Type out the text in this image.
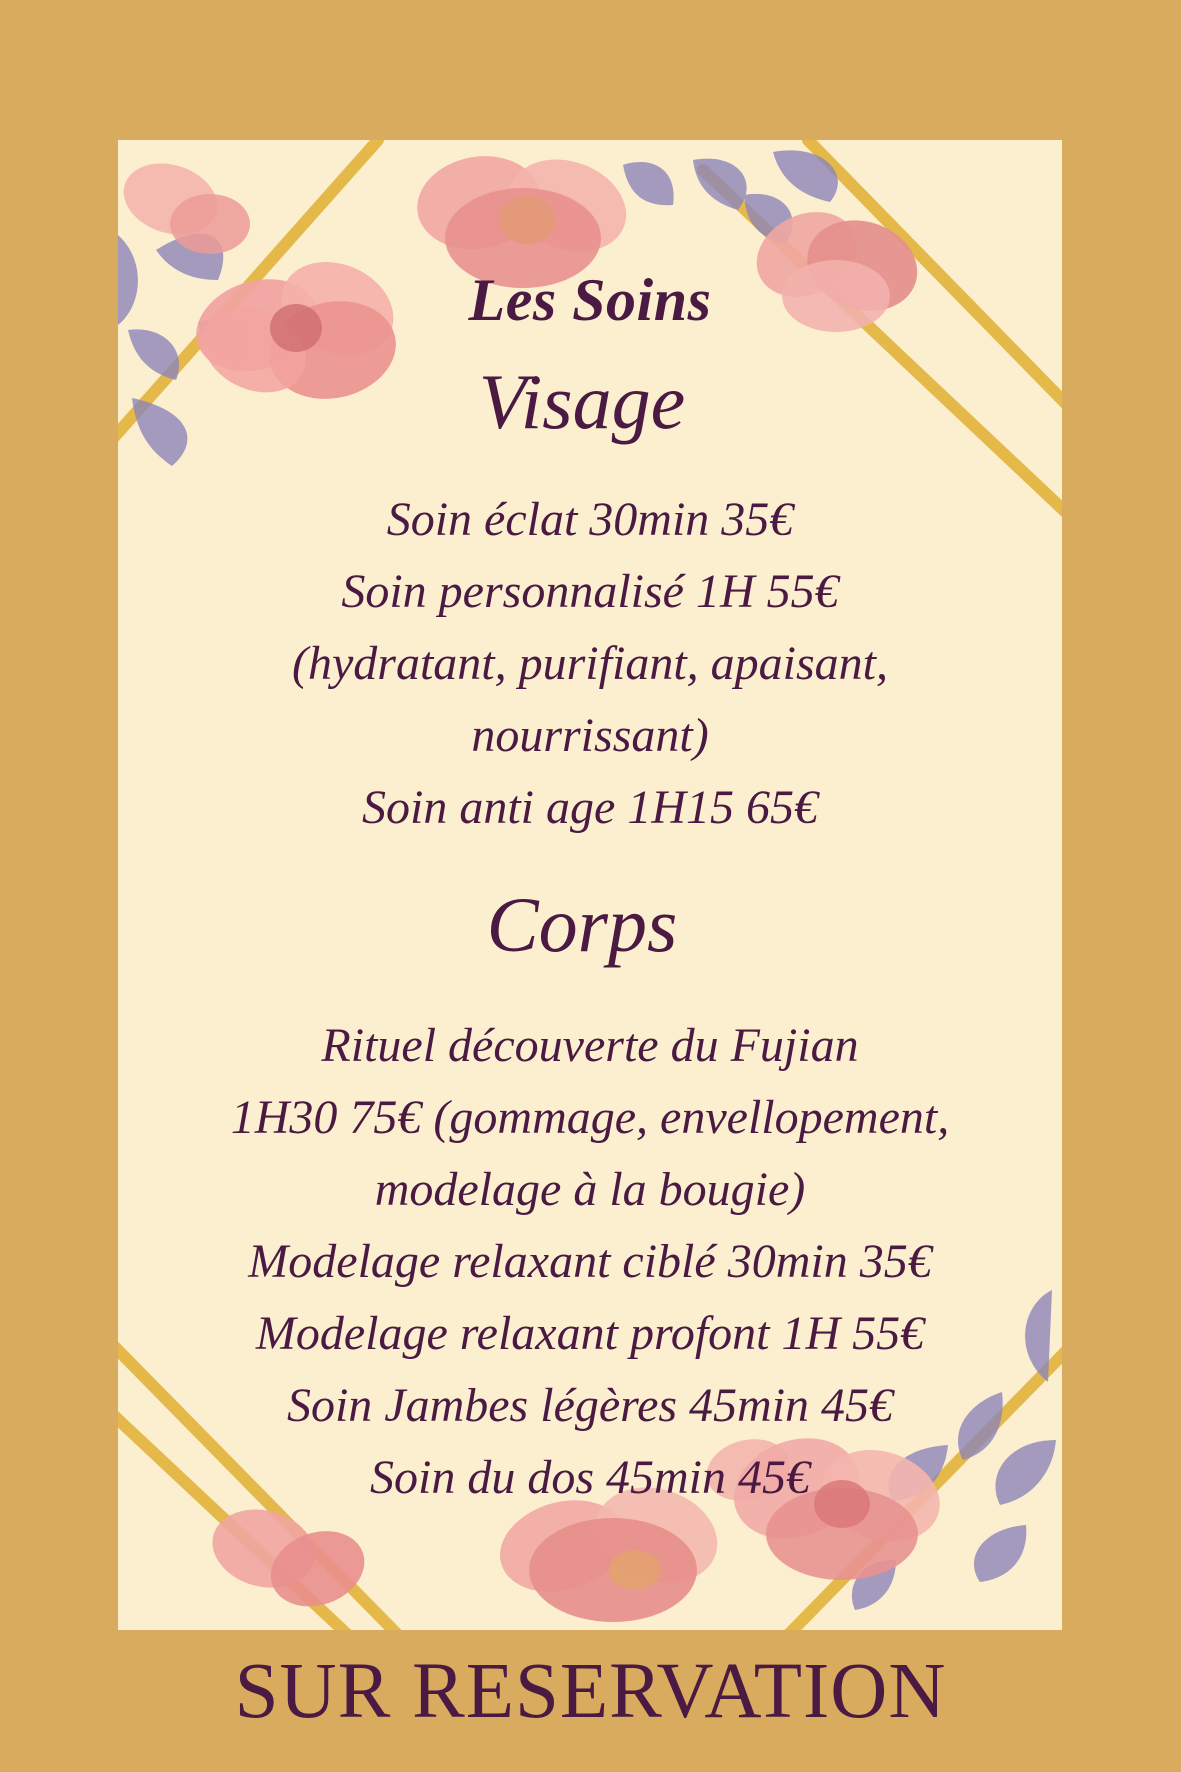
Les Soins
Visage
Soin éclat 30min 35€
Soin personnalisé 1H 55€
(hydratant, purifiant, apaisant,
nourrissant)
Soin anti age 1H15 65€
Corps
Rituel découverte du Fujian
1H30 75€ (gommage, envellopement,
modelage à la bougie)
Modelage relaxant ciblé 30min 35€
Modelage relaxant profont 1H 55€
Soin Jambes légères 45min 45€
Soin du dos 45min 45€
SUR RESERVATION
